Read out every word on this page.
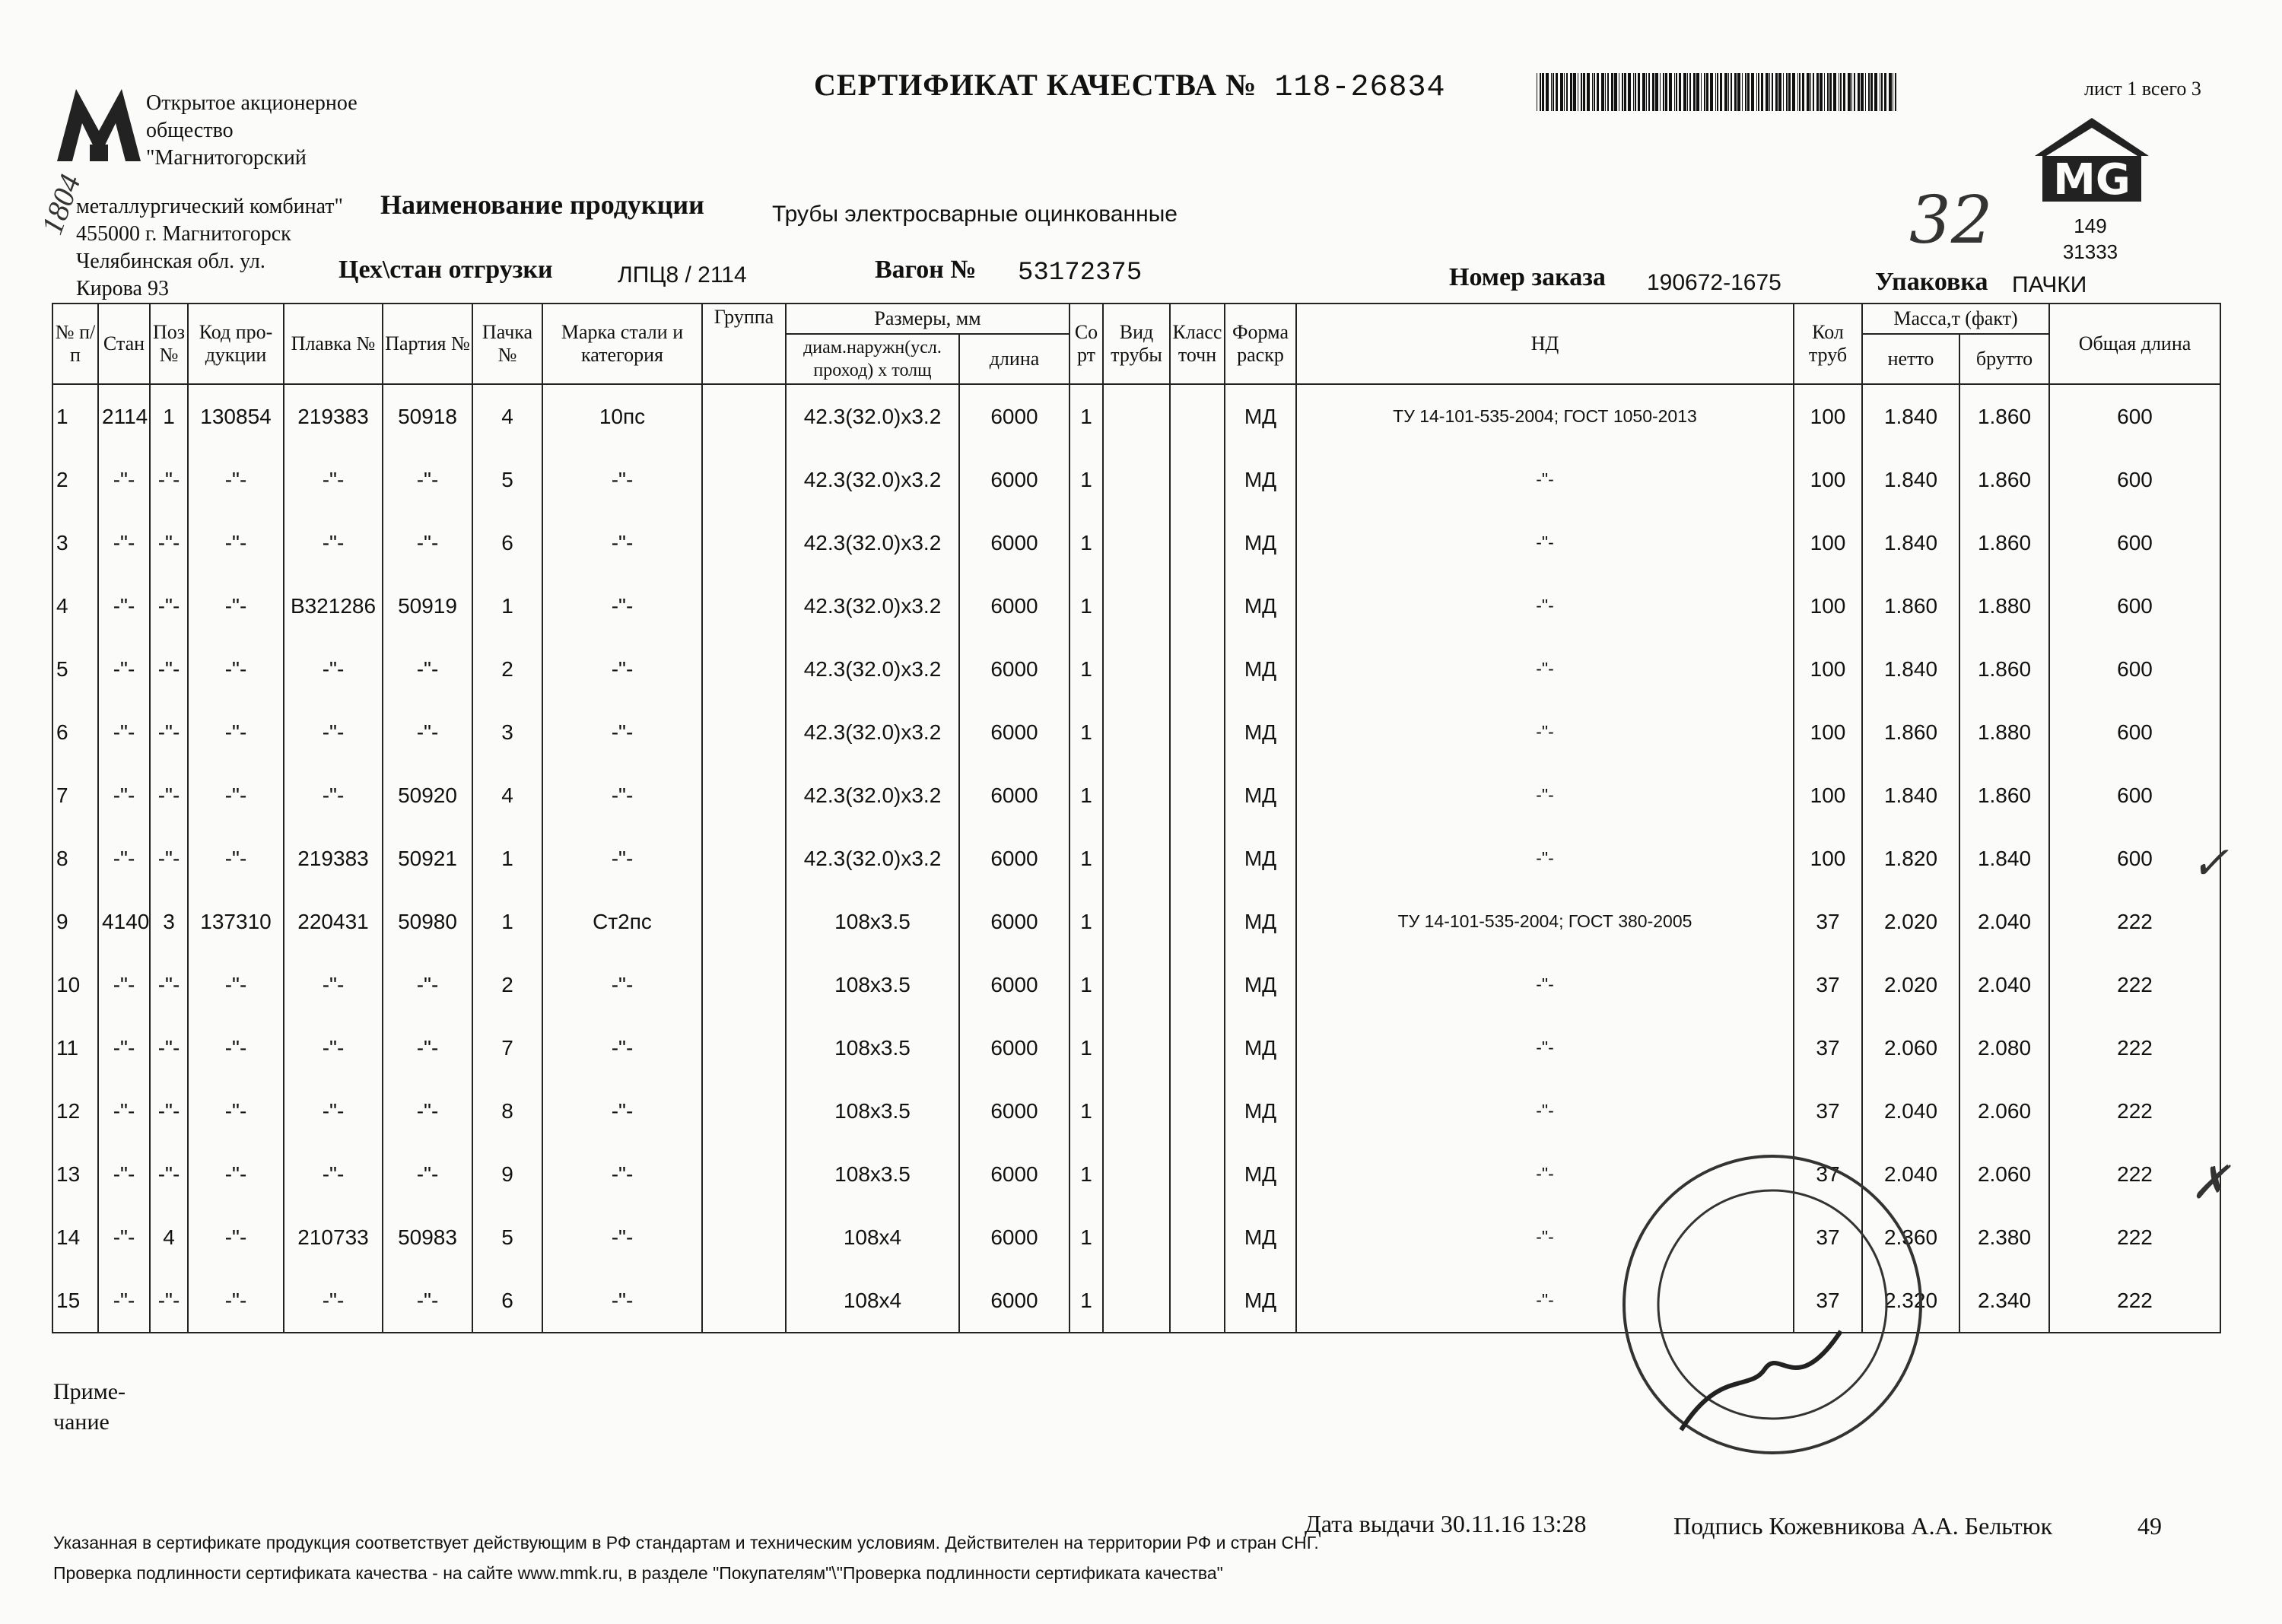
Открытое акционерное
общество
"Магнитогорский
металлургический комбинат"
455000 г. Магнитогорск
Челябинская обл. ул.
Кирова 93
1804
СЕРТИФИКАТ КАЧЕСТВА № 118-26834	лист 1 всего 3
MG
149
31333
32
Наименование продукции	Трубы электросварные оцинкованные
Цех\стан отгрузки	ЛПЦ8 / 2114	Вагон № 53172375	Номер заказа 190672-1675	Упаковка ПАЧКИ
№ п/п	Стан	Поз №	Код про-дукции	Плавка №	Партия №	Пачка №	Марка стали и категория	Группа	Размеры, мм		Со рт	Вид трубы	Класс точн	Форма раскр	НД	Кол труб	Масса,т (факт)		Общая длина
									диам.наружн(усл. проход) х толщ	длина							нетто	брутто	
1	2114	1	130854	219383	50918	4	10пс		42.3(32.0)x3.2	6000	1			МД	ТУ 14-101-535-2004; ГОСТ 1050-2013	100	1.840	1.860	600
2	-"-	-"-	-"-	-"-	-"-	5	-"-		42.3(32.0)x3.2	6000	1			МД	-"-	100	1.840	1.860	600
3	-"-	-"-	-"-	-"-	-"-	6	-"-		42.3(32.0)x3.2	6000	1			МД	-"-	100	1.840	1.860	600
4	-"-	-"-	-"-	B321286	50919	1	-"-		42.3(32.0)x3.2	6000	1			МД	-"-	100	1.860	1.880	600
5	-"-	-"-	-"-	-"-	-"-	2	-"-		42.3(32.0)x3.2	6000	1			МД	-"-	100	1.840	1.860	600
6	-"-	-"-	-"-	-"-	-"-	3	-"-		42.3(32.0)x3.2	6000	1			МД	-"-	100	1.860	1.880	600
7	-"-	-"-	-"-	-"-	50920	4	-"-		42.3(32.0)x3.2	6000	1			МД	-"-	100	1.840	1.860	600
8	-"-	-"-	-"-	219383	50921	1	-"-		42.3(32.0)x3.2	6000	1			МД	-"-	100	1.820	1.840	600
9	4140	3	137310	220431	50980	1	Ст2пс		108x3.5	6000	1			МД	ТУ 14-101-535-2004; ГОСТ 380-2005	37	2.020	2.040	222
10	-"-	-"-	-"-	-"-	-"-	2	-"-		108x3.5	6000	1			МД	-"-	37	2.020	2.040	222
11	-"-	-"-	-"-	-"-	-"-	7	-"-		108x3.5	6000	1			МД	-"-	37	2.060	2.080	222
12	-"-	-"-	-"-	-"-	-"-	8	-"-		108x3.5	6000	1			МД	-"-	37	2.040	2.060	222
13	-"-	-"-	-"-	-"-	-"-	9	-"-		108x3.5	6000	1			МД	-"-	37	2.040	2.060	222
14	-"-	4	-"-	210733	50983	5	-"-		108x4	6000	1			МД	-"-	37	2.360	2.380	222
15	-"-	-"-	-"-	-"-	-"-	6	-"-		108x4	6000	1			МД	-"-	37	2.320	2.340	222
✓
✗
Приме-
чание
Дата выдачи 30.11.16 13:28	Подпись Кожевникова А.А. Бельтюк	49
Указанная в сертификате продукция соответствует действующим в РФ стандартам и техническим условиям. Действителен на территории РФ и стран СНГ.
Проверка подлинности сертификата качества - на сайте www.mmk.ru, в разделе "Покупателям"\"Проверка подлинности сертификата качества"
